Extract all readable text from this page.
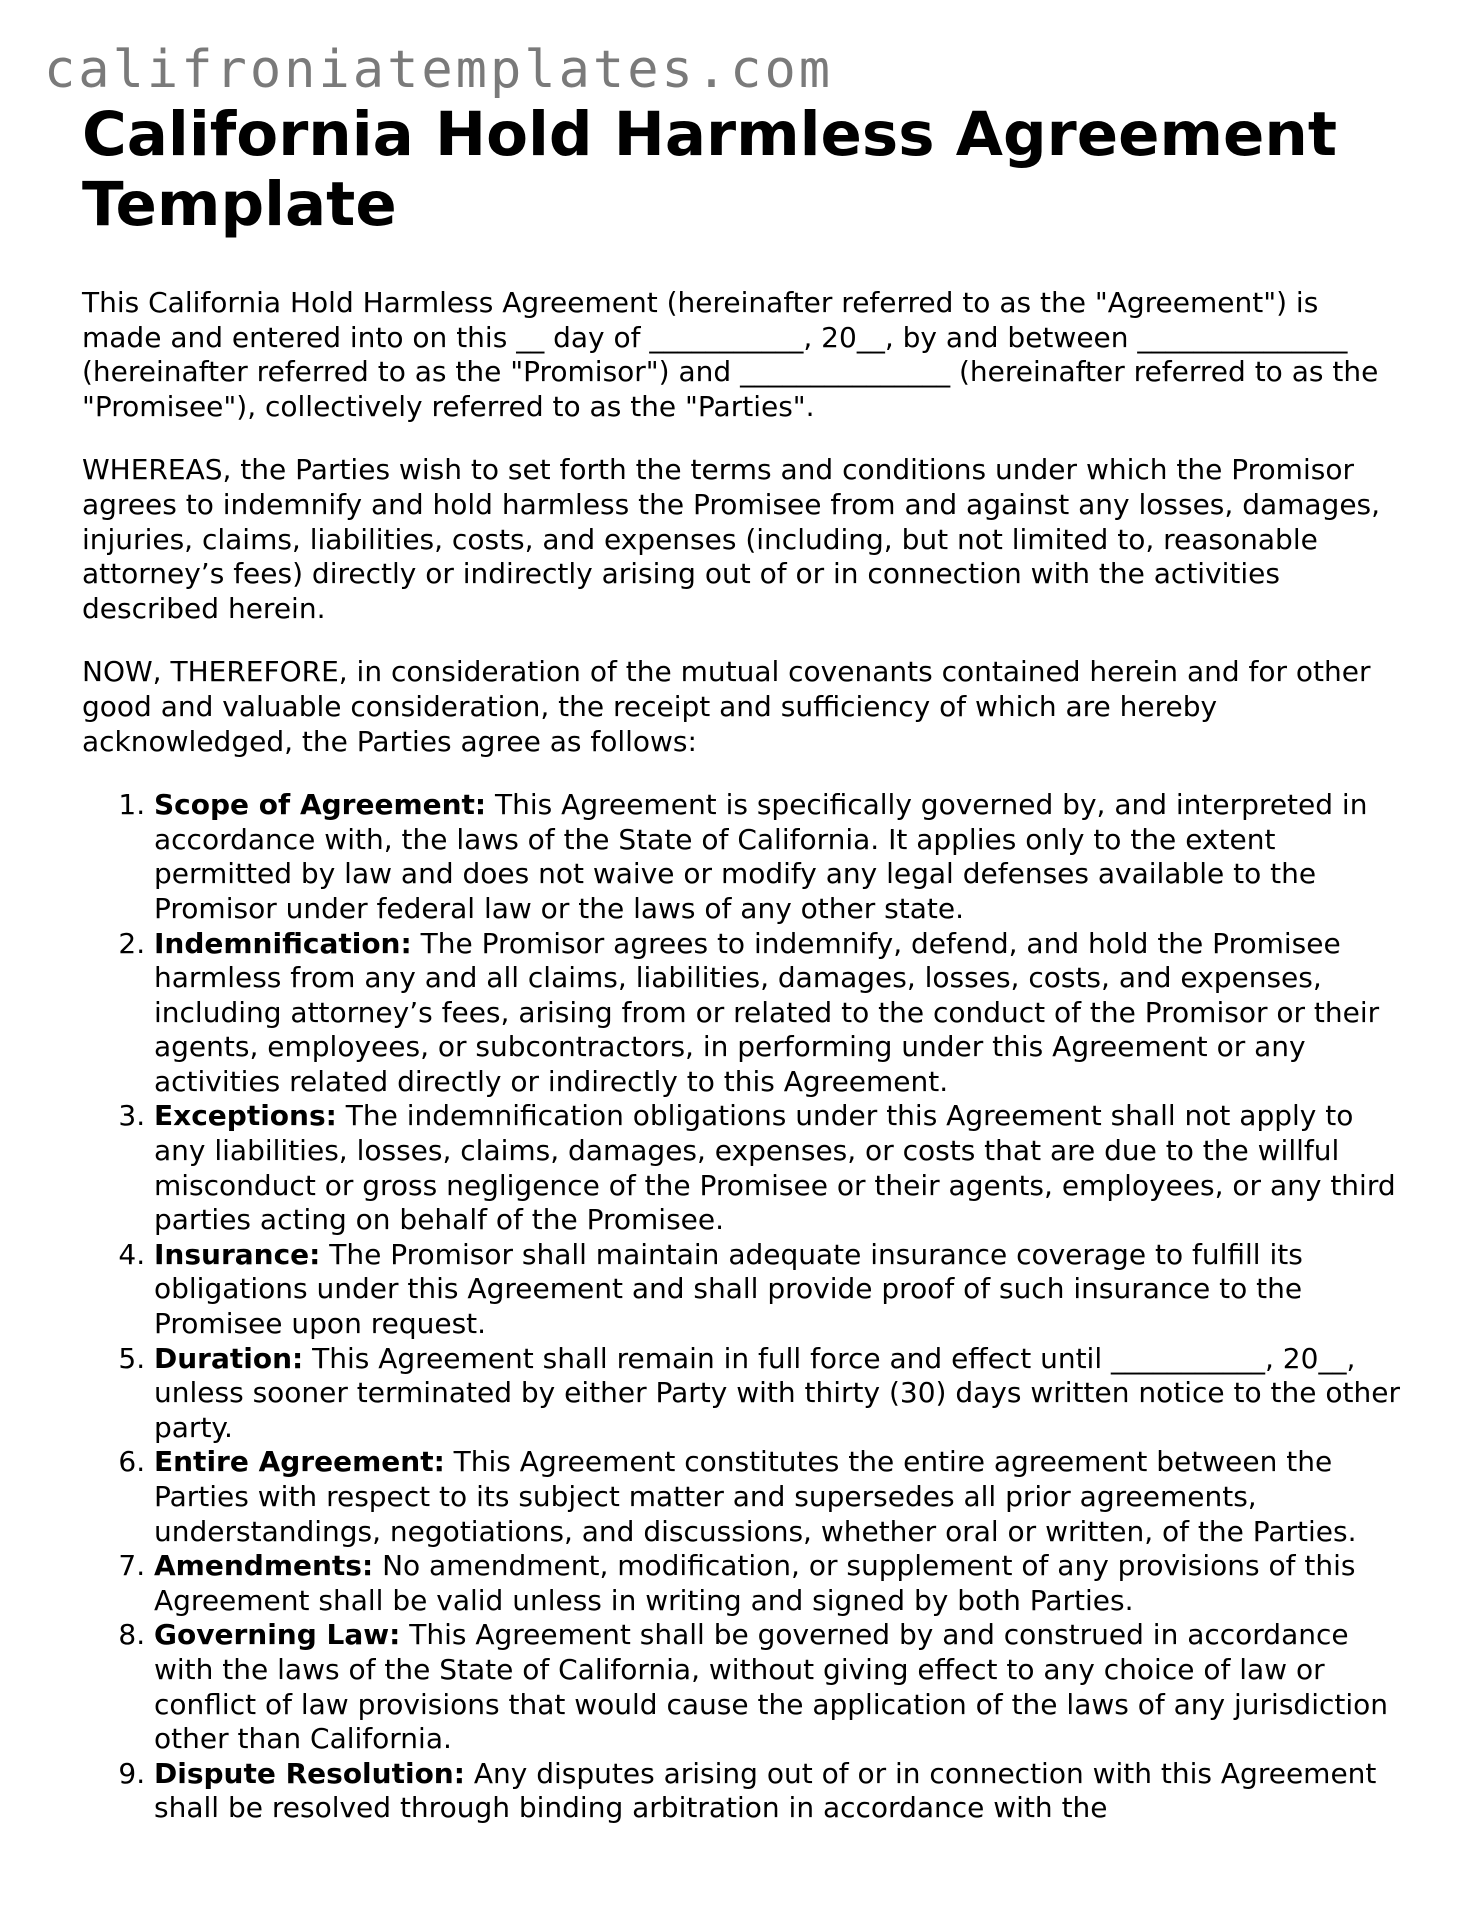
califroniatemplates.com
California Hold Harmless Agreement Template

This California Hold Harmless Agreement (hereinafter referred to as the "Agreement") is made and entered into on this __ day of ___________, 20__, by and between _______________ (hereinafter referred to as the "Promisor") and _______________ (hereinafter referred to as the "Promisee"), collectively referred to as the "Parties".

WHEREAS, the Parties wish to set forth the terms and conditions under which the Promisor agrees to indemnify and hold harmless the Promisee from and against any losses, damages, injuries, claims, liabilities, costs, and expenses (including, but not limited to, reasonable attorney’s fees) directly or indirectly arising out of or in connection with the activities described herein.

NOW, THEREFORE, in consideration of the mutual covenants contained herein and for other good and valuable consideration, the receipt and sufficiency of which are hereby acknowledged, the Parties agree as follows:

1. Scope of Agreement: This Agreement is specifically governed by, and interpreted in accordance with, the laws of the State of California. It applies only to the extent permitted by law and does not waive or modify any legal defenses available to the Promisor under federal law or the laws of any other state.
2. Indemnification: The Promisor agrees to indemnify, defend, and hold the Promisee harmless from any and all claims, liabilities, damages, losses, costs, and expenses, including attorney’s fees, arising from or related to the conduct of the Promisor or their agents, employees, or subcontractors, in performing under this Agreement or any activities related directly or indirectly to this Agreement.
3. Exceptions: The indemnification obligations under this Agreement shall not apply to any liabilities, losses, claims, damages, expenses, or costs that are due to the willful misconduct or gross negligence of the Promisee or their agents, employees, or any third parties acting on behalf of the Promisee.
4. Insurance: The Promisor shall maintain adequate insurance coverage to fulfill its obligations under this Agreement and shall provide proof of such insurance to the Promisee upon request.
5. Duration: This Agreement shall remain in full force and effect until ___________, 20__, unless sooner terminated by either Party with thirty (30) days written notice to the other party.
6. Entire Agreement: This Agreement constitutes the entire agreement between the Parties with respect to its subject matter and supersedes all prior agreements, understandings, negotiations, and discussions, whether oral or written, of the Parties.
7. Amendments: No amendment, modification, or supplement of any provisions of this Agreement shall be valid unless in writing and signed by both Parties.
8. Governing Law: This Agreement shall be governed by and construed in accordance with the laws of the State of California, without giving effect to any choice of law or conflict of law provisions that would cause the application of the laws of any jurisdiction other than California.
9. Dispute Resolution: Any disputes arising out of or in connection with this Agreement shall be resolved through binding arbitration in accordance with the
